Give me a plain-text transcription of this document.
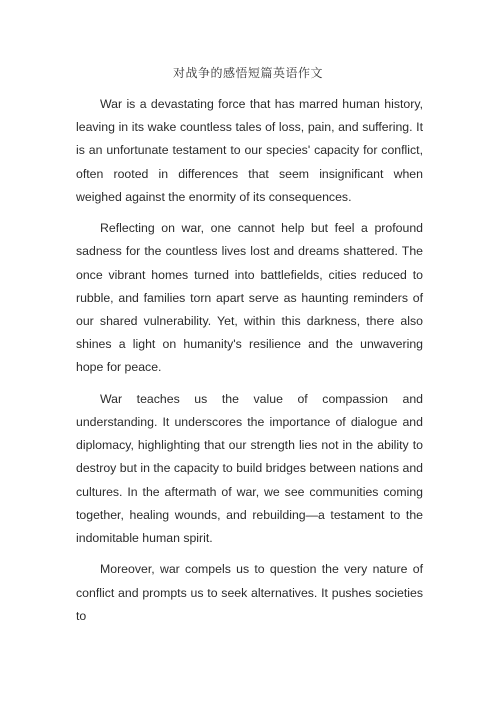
对战争的感悟短篇英语作文

War is a devastating force that has marred human history, leaving in its wake countless tales of loss, pain, and suffering. It is an unfortunate testament to our species' capacity for conflict, often rooted in differences that seem insignificant when weighed against the enormity of its consequences.

Reflecting on war, one cannot help but feel a profound sadness for the countless lives lost and dreams shattered. The once vibrant homes turned into battlefields, cities reduced to rubble, and families torn apart serve as haunting reminders of our shared vulnerability. Yet, within this darkness, there also shines a light on humanity's resilience and the unwavering hope for peace.

War teaches us the value of compassion and understanding. It underscores the importance of dialogue and diplomacy, highlighting that our strength lies not in the ability to destroy but in the capacity to build bridges between nations and cultures. In the aftermath of war, we see communities coming together, healing wounds, and rebuilding—a testament to the indomitable human spirit.

Moreover, war compels us to question the very nature of conflict and prompts us to seek alternatives. It pushes societies to
